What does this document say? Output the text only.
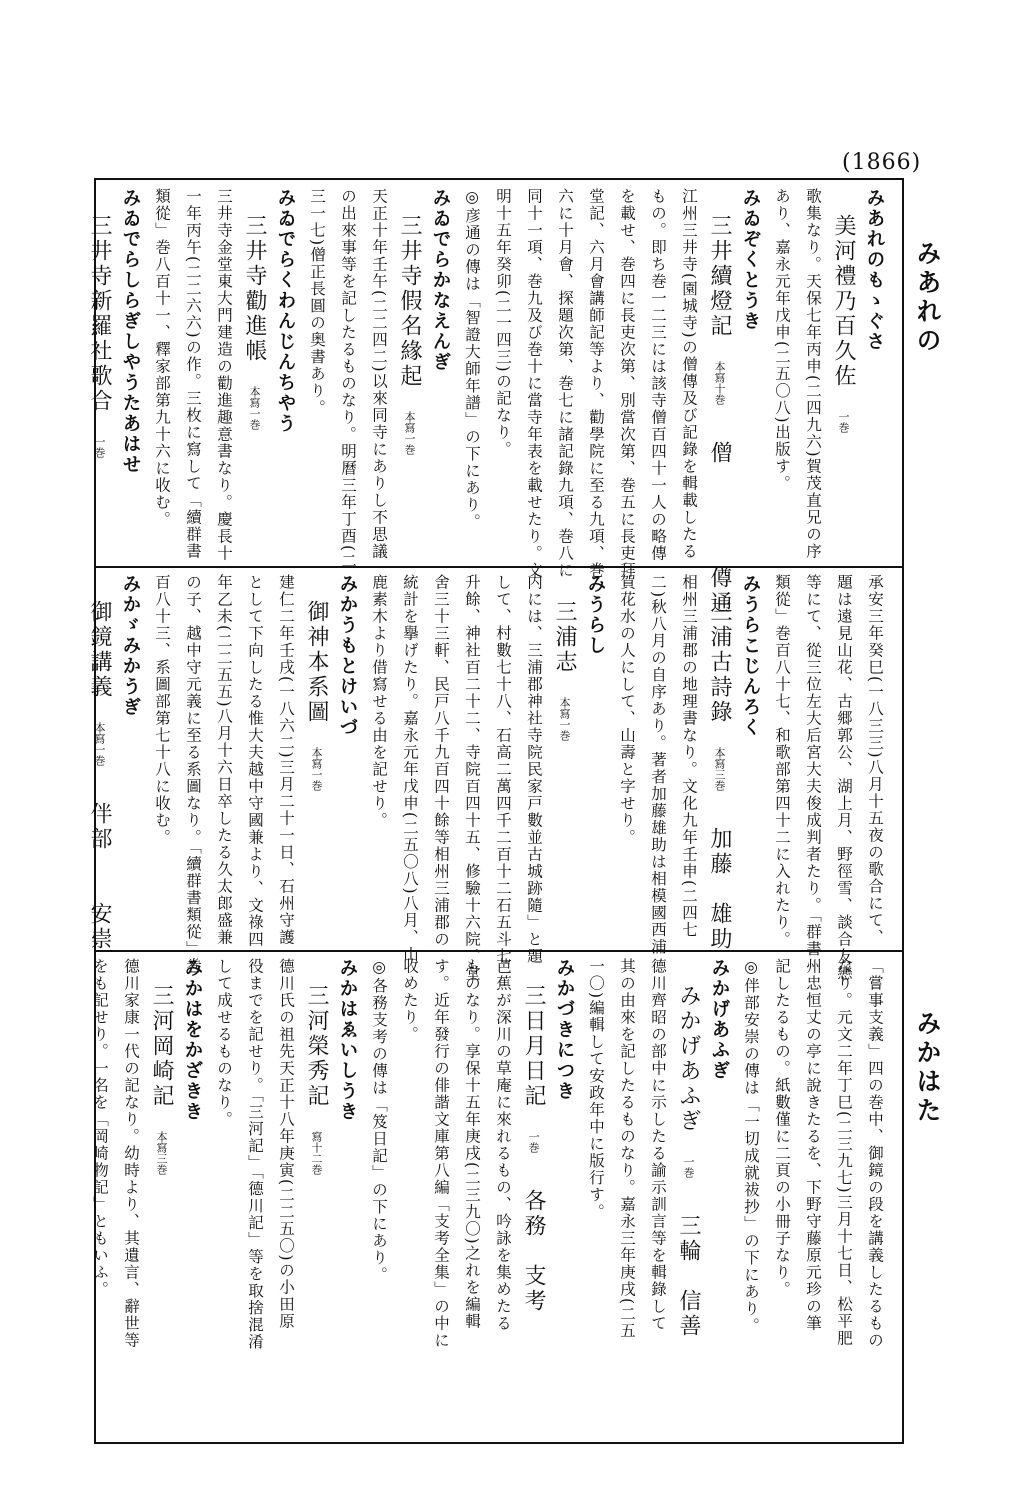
(1866)
みあれの
みかはた
みあれのもゝぐさ
美河禮乃百久佐一巻
歌集なり。天保七年丙申(二四九六)賀茂直兄の序
あり、嘉永元年戊申(二五〇八)出版す。
みゐぞくとうき
三井續燈記本寫十巻僧　　　　僔通
江州三井寺(園城寺)の僧傳及び記錄を輯載したる
もの。即ち巻一二三には該寺僧百四十一人の略傳
を載せ、巻四に長吏次第、別當次第、巻五に長吏拜
堂記、六月會講師記等より、勸學院に至る九項、巻
六に十月會、探題次第、巻七に諸記錄九項、巻八に
同十一項、巻九及び巻十に當寺年表を載せたり。文
明十五年癸卯(二一四三)の記なり。
◎彦通の傳は「智證大師年譜」の下にあり。
みゐでらかなえんぎ
三井寺假名緣起本寫一巻
天正十年壬午(二二四二)以來同寺にありし不思議
の出來事等を記したるものなり。明曆三年丁酉(二
三一七)僧正長圓の奥書あり。
みゐでらくわんじんちやう
三井寺勸進帳本寫一巻
三井寺金堂東大門建造の勸進趣意書なり。慶長十
一年丙午(二二六六)の作。三枚に寫して「續群書
類從」巻八百十一、釋家部第九十六に收む。
みゐでらしらぎしやうたあはせ
三井寺新羅社歌合一巻
承安三年癸巳(一八三三)八月十五夜の歌合にて、
題は遠見山花、古郷郭公、湖上月、野徑雪、談合友戀
等にて、從三位左大后宮大夫俊成判者たり。「群書
類從」巻百八十七、和歌部第四十二に入れたり。
みうらこじんろく
三浦古詩錄本寫三巻加藤　雄助
相州三浦郡の地理書なり。文化九年壬申(二四七
二)秋八月の自序あり。著者加藤雄助は相模國西浦
賀花水の人にして、山壽と字せり。
みうらし
三浦志本寫一巻
内には、三浦郡神社寺院民家戸數並古城跡隨」と題
して、村數七十八、石高二萬四千二百十二石五斗七
升餘、神社百二十二、寺院百四十五、修驗十六院、堂
舍三十三軒、民戸八千九百四十餘等相州三浦郡の
統計を擧げたり。嘉永元年戊申(二五〇八)八月、山
鹿素木より借寫せる由を記せり。
みかうもとけいづ
御神本系圖本寫一巻
建仁二年壬戌(一八六二)三月二十一日、石州守護
として下向したる惟大夫越中守國兼より、文祿四
年乙未(二二五五)八月十六日卒したる久太郎盛兼
の子、越中守元義に至る系圖なり。「續群書類從」巻
百八十三、系圖部第七十八に收む。
みかゞみかうぎ
御鏡講義本寫一巻伴部　　安崇
「嘗事支義」四の巻中、御鏡の段を講義したるもの
なり。元文二年丁巳(二三九七)三月十七日、松平肥
州忠恒丈の亭に說きたるを、下野守藤原元珍の筆
記したるもの。紙數僅に二頁の小冊子なり。
◎伴部安崇の傳は「一切成就祓抄」の下にあり。
みかげあふぎ
みかげあふぎ一巻三輪　信善
德川齊昭の部中に示したる諭示訓言等を輯錄して
其の由來を記したるものなり。嘉永三年庚戌(二五
一〇)編輯して安政年中に版行す。
みかづきにつき
三日月日記一巻各務　支考
芭蕉が深川の草庵に來れるもの、吟詠を集めたる
ものなり。享保十五年庚戌(二三九〇)之れを編輯
す。近年發行の俳諧文庫第八編「支考全集」の中に
收めたり。
◎各務支考の傳は「笈日記」の下にあり。
みかはゑいしうき
三河榮秀記寫十二巻
德川氏の祖先天正十八年庚寅(二二五〇)の小田原
役までを記せり。「三河記」「德川記」等を取捨混淆
して成せるものなり。
みかはをかざきき
三河岡崎記本寫三巻
德川家康一代の記なり。幼時より、其遺言、辭世等
をも記せり。一名を「岡崎物記」ともいふ。
